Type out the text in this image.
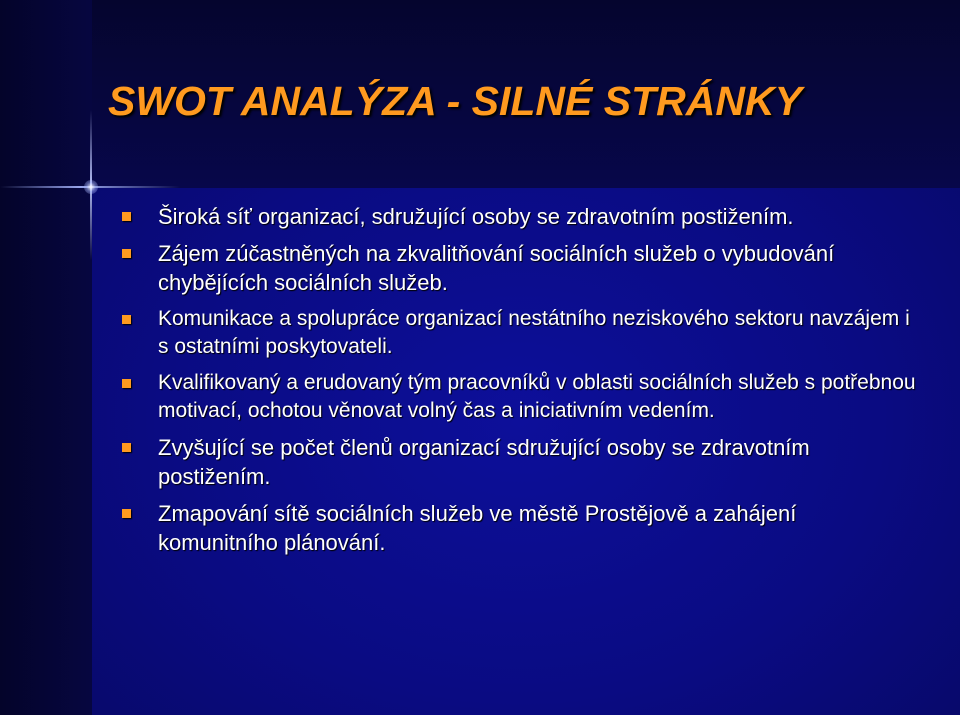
SWOT ANALÝZA - SILNÉ STRÁNKY
Široká síť organizací, sdružující osoby se zdravotním postižením.
Zájem zúčastněných na zkvalitňování sociálních služeb o vybudování chybějících sociálních služeb.
Komunikace a spolupráce organizací nestátního neziskového sektoru navzájem i s ostatními poskytovateli.
Kvalifikovaný a erudovaný tým pracovníků v oblasti sociálních služeb s potřebnou motivací, ochotou věnovat volný čas a iniciativním vedením.
Zvyšující se počet členů organizací sdružující osoby se zdravotním postižením.
Zmapování sítě sociálních služeb ve městě Prostějově a zahájení komunitního plánování.
